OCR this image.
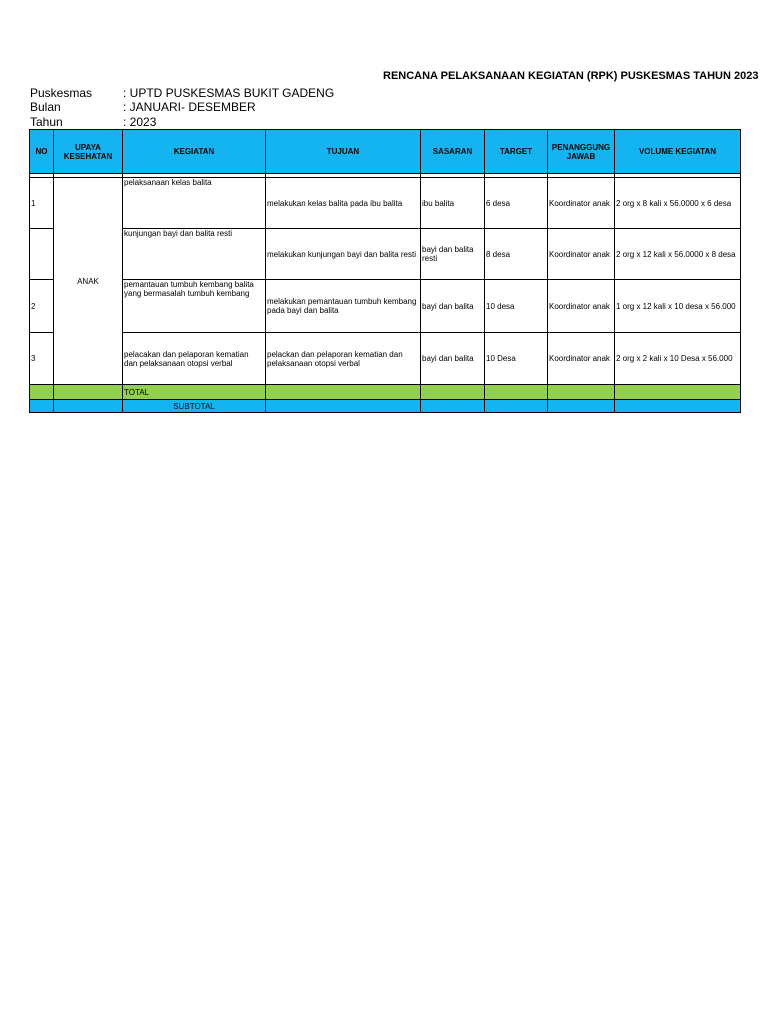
RENCANA PELAKSANAAN KEGIATAN (RPK) PUSKESMAS TAHUN 2023
Puskesmas	: UPTD PUSKESMAS BUKIT GADENG
Bulan	: JANUARI- DESEMBER
Tahun	: 2023
NO	UPAYA KESEHATAN	KEGIATAN	TUJUAN	SASARAN	TARGET	PENANGGUNG JAWAB	VOLUME KEGIATAN

1	ANAK	pelaksanaan kelas balita	melakukan kelas balita pada ibu balita	ibu balita	6 desa	Koordinator anak	2 org x 8 kali x 56.0000 x 6 desa
		kunjungan bayi dan balita resti	melakukan kunjungan bayi dan balita resti	bayi dan balita resti	8 desa	Koordinator anak	2 org x 12 kali x 56.0000 x 8 desa
2		pemantauan tumbuh kembang balita yang bermasalah tumbuh kembang	melakukan pemantauan tumbuh kembang pada bayi dan balita	bayi dan balita	10 desa	Koordinator anak	1 org x 12 kali x 10 desa x 56.000
3		pelacakan dan pelaporan kematian dan pelaksanaan otopsi verbal	pelackan dan pelaporan kematian dan pelaksanaan otopsi verbal	bayi dan balita	10 Desa	Koordinator anak	2 org x 2 kali x 10 Desa x 56.000
		TOTAL					
		SUBTOTAL					
